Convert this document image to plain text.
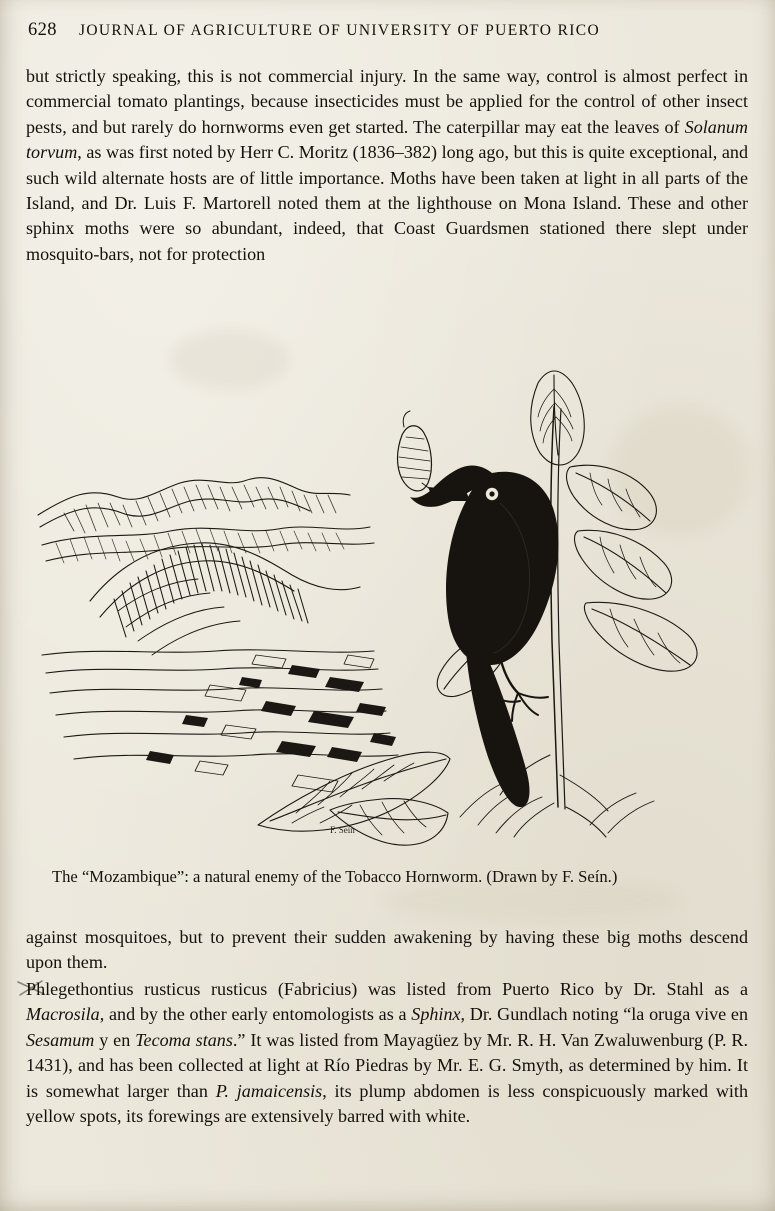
628 JOURNAL OF AGRICULTURE OF UNIVERSITY OF PUERTO RICO
but strictly speaking, this is not commercial injury. In the same way, control is almost perfect in commercial tomato plantings, because insecticides must be applied for the control of other insect pests, and but rarely do hornworms even get started. The caterpillar may eat the leaves of Solanum torvum, as was first noted by Herr C. Moritz (1836–382) long ago, but this is quite exceptional, and such wild alternate hosts are of little importance. Moths have been taken at light in all parts of the Island, and Dr. Luis F. Martorell noted them at the lighthouse on Mona Island. These and other sphinx moths were so abundant, indeed, that Coast Guardsmen stationed there slept under mosquito-bars, not for protection
F. Seín
The “Mozambique”: a natural enemy of the Tobacco Hornworm. (Drawn by F. Seín.)
against mosquitoes, but to prevent their sudden awakening by having these big moths descend upon them.
Phlegethontius rusticus rusticus (Fabricius) was listed from Puerto Rico by Dr. Stahl as a Macrosila, and by the other early entomologists as a Sphinx, Dr. Gundlach noting “la oruga vive en Sesamum y en Tecoma stans.” It was listed from Mayagüez by Mr. R. H. Van Zwaluwenburg (P. R. 1431), and has been collected at light at Río Piedras by Mr. E. G. Smyth, as determined by him. It is somewhat larger than P. jamaicensis, its plump abdomen is less conspicuously marked with yellow spots, its forewings are extensively barred with white.
